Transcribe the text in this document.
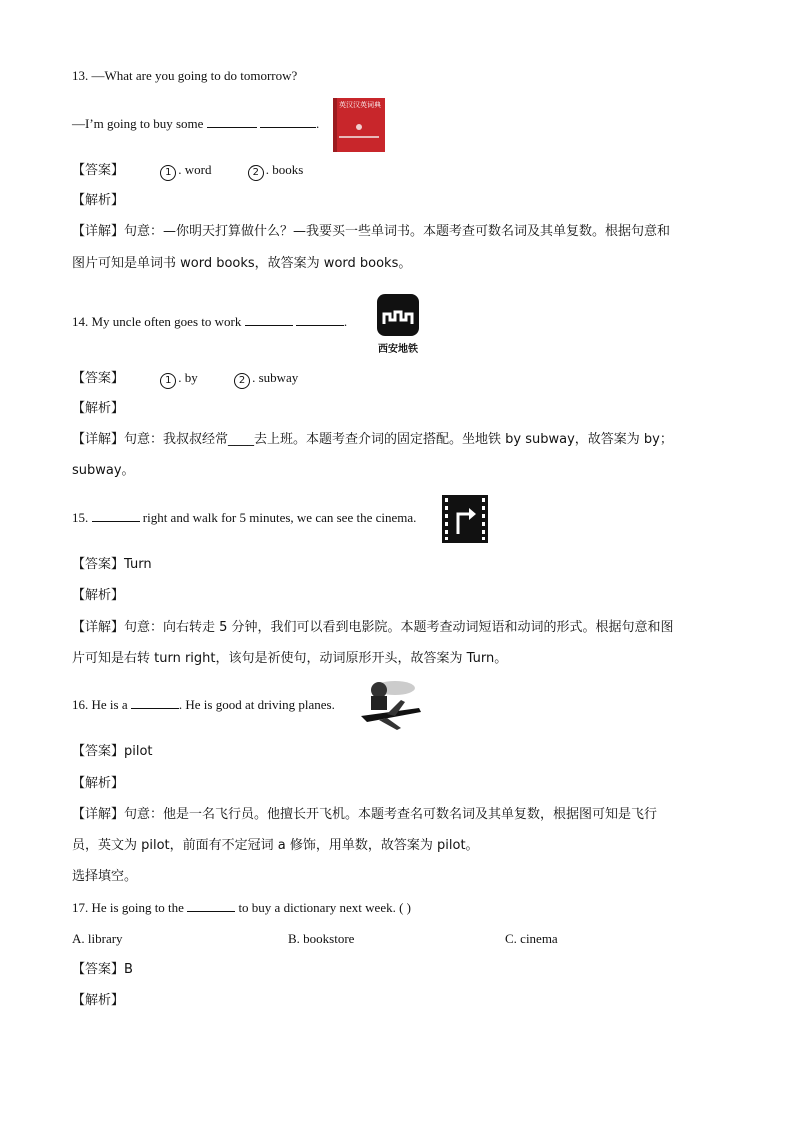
13. —What are you going to do tomorrow?
—I’m going to buy some	.
英汉汉英词典
【答案】	1 . word	2 . books
【解析】
【详解】句意：—你明天打算做什么？—我要买一些单词书。本题考查可数名词及其单复数。根据句意和
图片可知是单词书 word books，故答案为 word books。
14. My uncle often goes to work	.
西安地铁
【答案】	1 . by	2 . subway
【解析】
【详解】句意：我叔叔经常____去上班。本题考查介词的固定搭配。坐地铁 by subway，故答案为 by；
subway。
15.	right and walk for 5 minutes, we can see the cinema.
【答案】Turn
【解析】
【详解】句意：向右转走 5 分钟，我们可以看到电影院。本题考查动词短语和动词的形式。根据句意和图
片可知是右转 turn right，该句是祈使句，动词原形开头，故答案为 Turn。
16. He is a	. He is good at driving planes.
【答案】pilot
【解析】
【详解】句意：他是一名飞行员。他擅长开飞机。本题考查名可数名词及其单复数，根据图可知是飞行
员，英文为 pilot，前面有不定冠词 a 修饰，用单数，故答案为 pilot。
选择填空。
17. He is going to the	to buy a dictionary next week. ( )
A. library	B. bookstore	C. cinema
【答案】B
【解析】
